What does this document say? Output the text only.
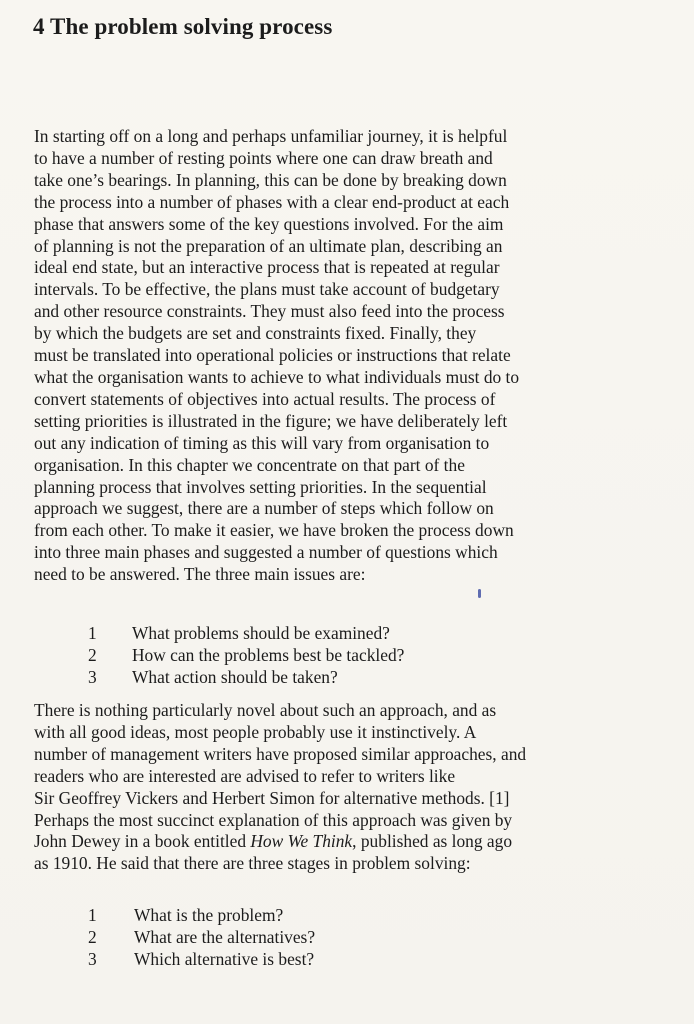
4 The problem solving process
In starting off on a long and perhaps unfamiliar journey, it is helpful
to have a number of resting points where one can draw breath and
take one’s bearings. In planning, this can be done by breaking down
the process into a number of phases with a clear end-product at each
phase that answers some of the key questions involved. For the aim
of planning is not the preparation of an ultimate plan, describing an
ideal end state, but an interactive process that is repeated at regular
intervals. To be effective, the plans must take account of budgetary
and other resource constraints. They must also feed into the process
by which the budgets are set and constraints fixed. Finally, they
must be translated into operational policies or instructions that relate
what the organisation wants to achieve to what individuals must do to
convert statements of objectives into actual results. The process of
setting priorities is illustrated in the figure; we have deliberately left
out any indication of timing as this will vary from organisation to
organisation. In this chapter we concentrate on that part of the
planning process that involves setting priorities. In the sequential
approach we suggest, there are a number of steps which follow on
from each other. To make it easier, we have broken the process down
into three main phases and suggested a number of questions which
need to be answered. The three main issues are:
1 What problems should be examined?
2 How can the problems best be tackled?
3 What action should be taken?
There is nothing particularly novel about such an approach, and as
with all good ideas, most people probably use it instinctively. A
number of management writers have proposed similar approaches, and
readers who are interested are advised to refer to writers like
Sir Geoffrey Vickers and Herbert Simon for alternative methods. [1]
Perhaps the most succinct explanation of this approach was given by
John Dewey in a book entitled How We Think, published as long ago
as 1910. He said that there are three stages in problem solving:
1 What is the problem?
2 What are the alternatives?
3 Which alternative is best?
